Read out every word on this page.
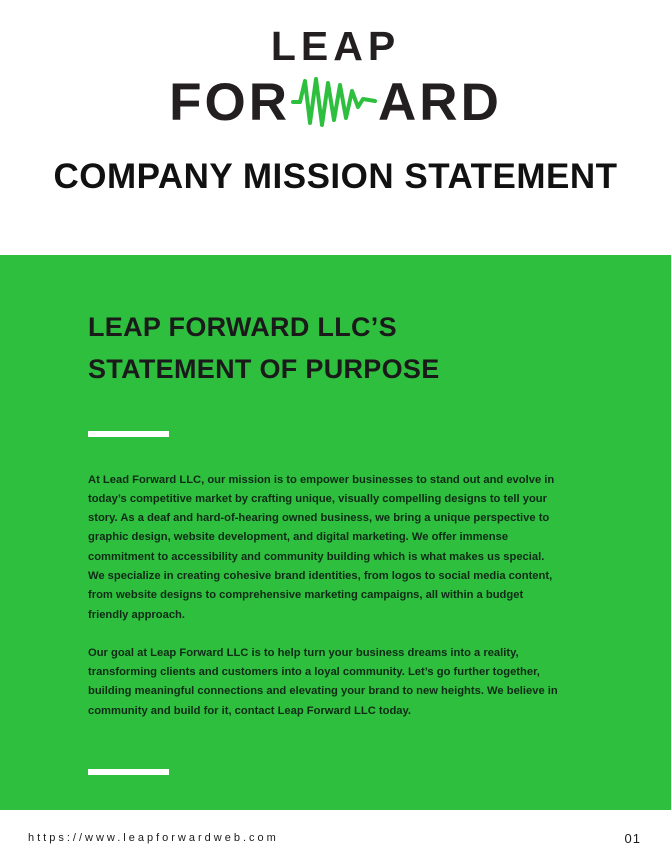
LEAP
FOR ARD
COMPANY MISSION STATEMENT
LEAP FORWARD LLC’S
STATEMENT OF PURPOSE

At Lead Forward LLC, our mission is to empower businesses to stand out and evolve in today’s competitive market by crafting unique, visually compelling designs to tell your story. As a deaf and hard-of-hearing owned business, we bring a unique perspective to graphic design, website development, and digital marketing. We offer immense commitment to accessibility and community building which is what makes us special. We specialize in creating cohesive brand identities, from logos to social media content, from website designs to comprehensive marketing campaigns, all within a budget friendly approach.

Our goal at Leap Forward LLC is to help turn your business dreams into a reality, transforming clients and customers into a loyal community. Let’s go further together, building meaningful connections and elevating your brand to new heights. We believe in community and build for it, contact Leap Forward LLC today.

https://www.leapforwardweb.com	01
